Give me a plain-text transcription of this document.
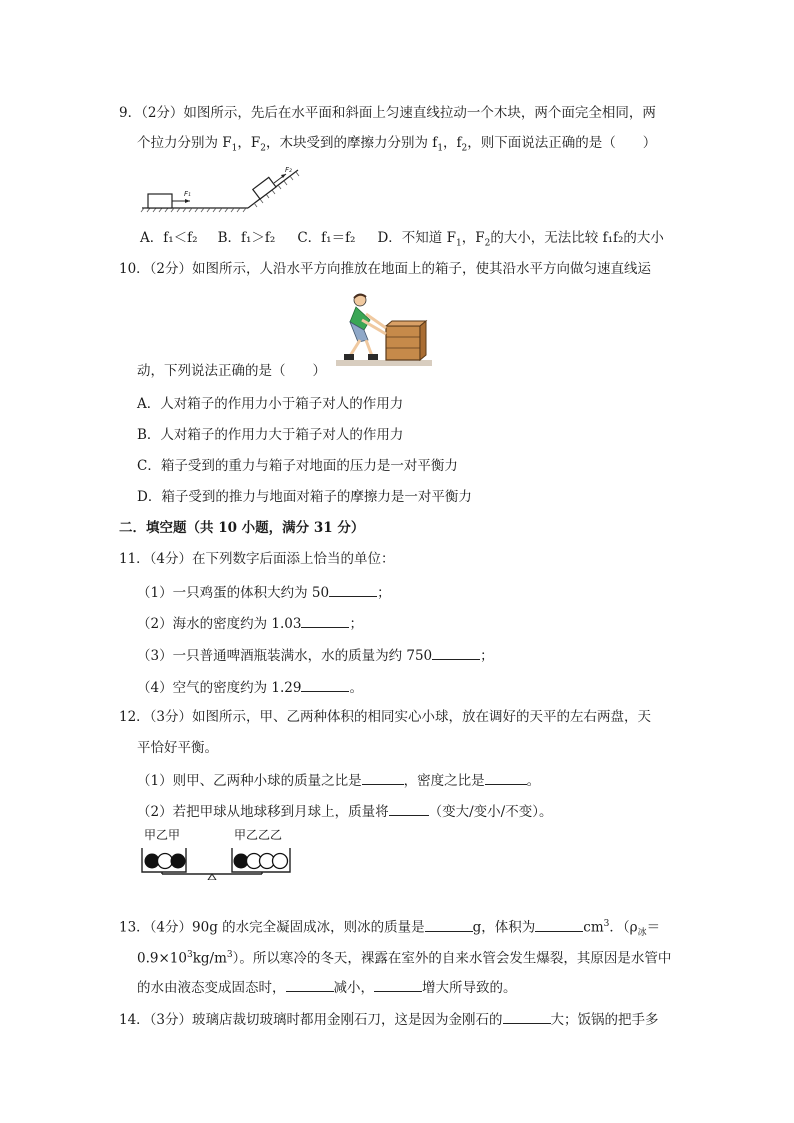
9．（2分）如图所示，先后在水平面和斜面上匀速直线拉动一个木块，两个面完全相同，两
个拉力分别为 $F_1$，$F_2$，木块受到的摩擦力分别为 $f_1$，$f_2$，则下面说法正确的是（　　）
F₁
F₂
A．f₁＜f₂ B．f₁＞f₂ C．f₁＝f₂ D．不知道 $F_1$，$F_2$的大小，无法比较 f₁f₂的大小
10．（2分）如图所示，人沿水平方向推放在地面上的箱子，使其沿水平方向做匀速直线运
动，下列说法正确的是（　　）
A．人对箱子的作用力小于箱子对人的作用力
B．人对箱子的作用力大于箱子对人的作用力
C．箱子受到的重力与箱子对地面的压力是一对平衡力
D．箱子受到的推力与地面对箱子的摩擦力是一对平衡力
二．填空题（共 10 小题，满分 31 分）
11．（4分）在下列数字后面添上恰当的单位：
（1）一只鸡蛋的体积大约为 50	；
（2）海水的密度约为 1.03	；
（3）一只普通啤酒瓶装满水，水的质量为约 750	；
（4）空气的密度约为 1.29	。
12．（3分）如图所示，甲、乙两种体积的相同实心小球，放在调好的天平的左右两盘，天
平恰好平衡。
（1）则甲、乙两种小球的质量之比是	，密度之比是	。
（2）若把甲球从地球移到月球上，质量将	（变大/变小/不变）。
甲乙甲	甲乙乙乙
13．（4分）90g 的水完全凝固成冰，则冰的质量是	g，体积为	$cm^3$．（$\rho_冰=$
$0.9\times 10^3kg/m^3$）。所以寒冷的冬天，裸露在室外的自来水管会发生爆裂，其原因是水管中
的水由液态变成固态时，	减小，	增大所导致的。
14．（3分）玻璃店裁切玻璃时都用金刚石刀，这是因为金刚石的	大；饭锅的把手多
